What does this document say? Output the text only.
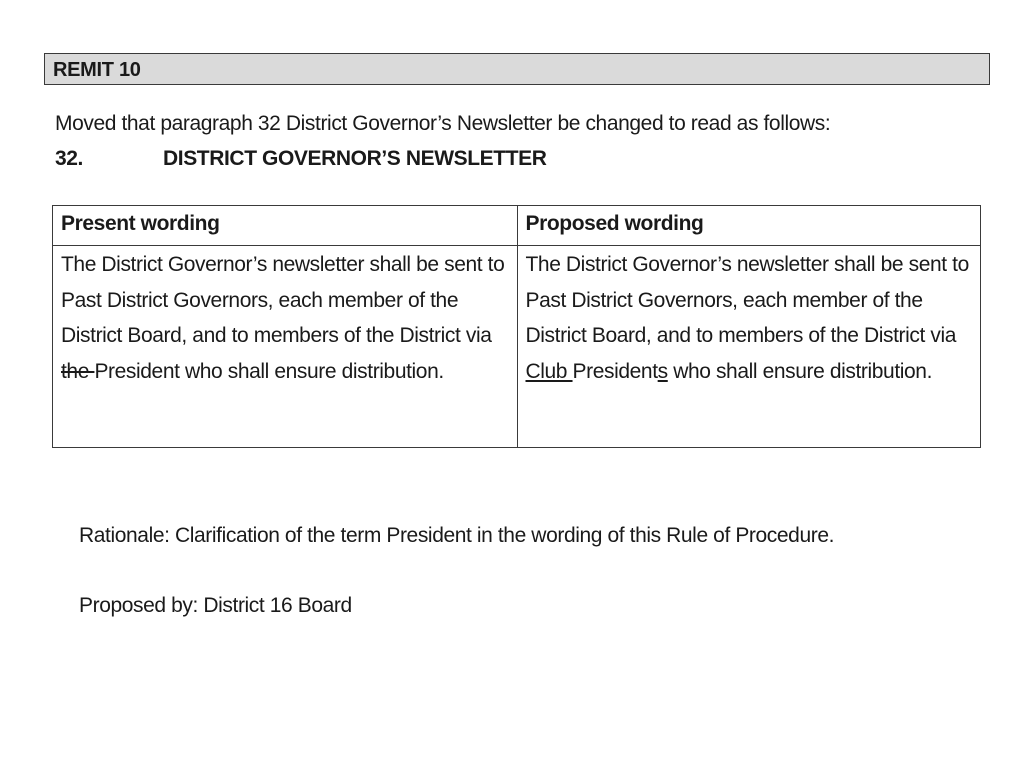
REMIT 10
Moved that paragraph 32 District Governor’s Newsletter be changed to read as follows:
32.	DISTRICT GOVERNOR’S NEWSLETTER
Present wording	Proposed wording
The District Governor’s newsletter shall be sent to Past District Governors, each member of the District Board, and to members of the District via the President who shall ensure distribution.	The District Governor’s newsletter shall be sent to Past District Governors, each member of the District Board, and to members of the District via Club Presidents who shall ensure distribution.
Rationale: Clarification of the term President in the wording of this Rule of Procedure.
Proposed by: District 16 Board
